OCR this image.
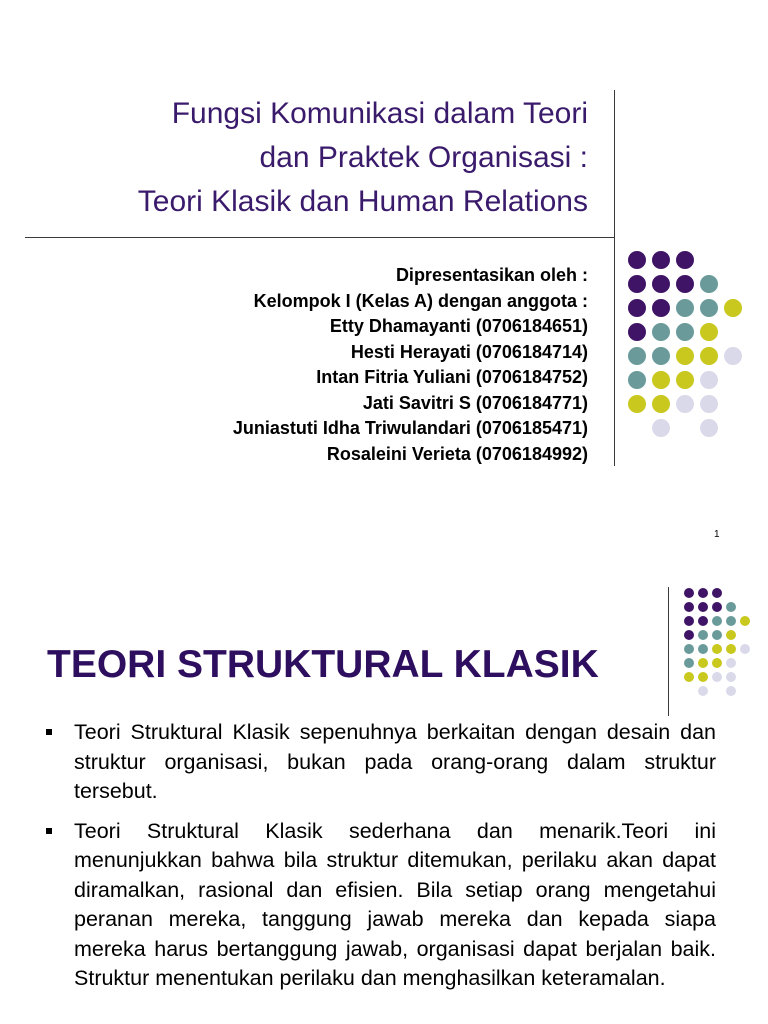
Fungsi Komunikasi dalam Teori
dan Praktek Organisasi :
Teori Klasik dan Human Relations
Dipresentasikan oleh :
Kelompok I (Kelas A) dengan anggota :
Etty Dhamayanti (0706184651)
Hesti Herayati (0706184714)
Intan Fitria Yuliani (0706184752)
Jati Savitri S (0706184771)
Juniastuti Idha Triwulandari (0706185471)
Rosaleini Verieta (0706184992)
1
TEORI STRUKTURAL KLASIK
Teori Struktural Klasik sepenuhnya berkaitan dengan desain dan struktur organisasi, bukan pada orang-orang dalam struktur tersebut.
Teori Struktural Klasik sederhana dan menarik.Teori ini menunjukkan bahwa bila struktur ditemukan, perilaku akan dapat diramalkan, rasional dan efisien. Bila setiap orang mengetahui peranan mereka, tanggung jawab mereka dan kepada siapa mereka harus bertanggung jawab, organisasi dapat berjalan baik. Struktur menentukan perilaku dan menghasilkan keteramalan.
